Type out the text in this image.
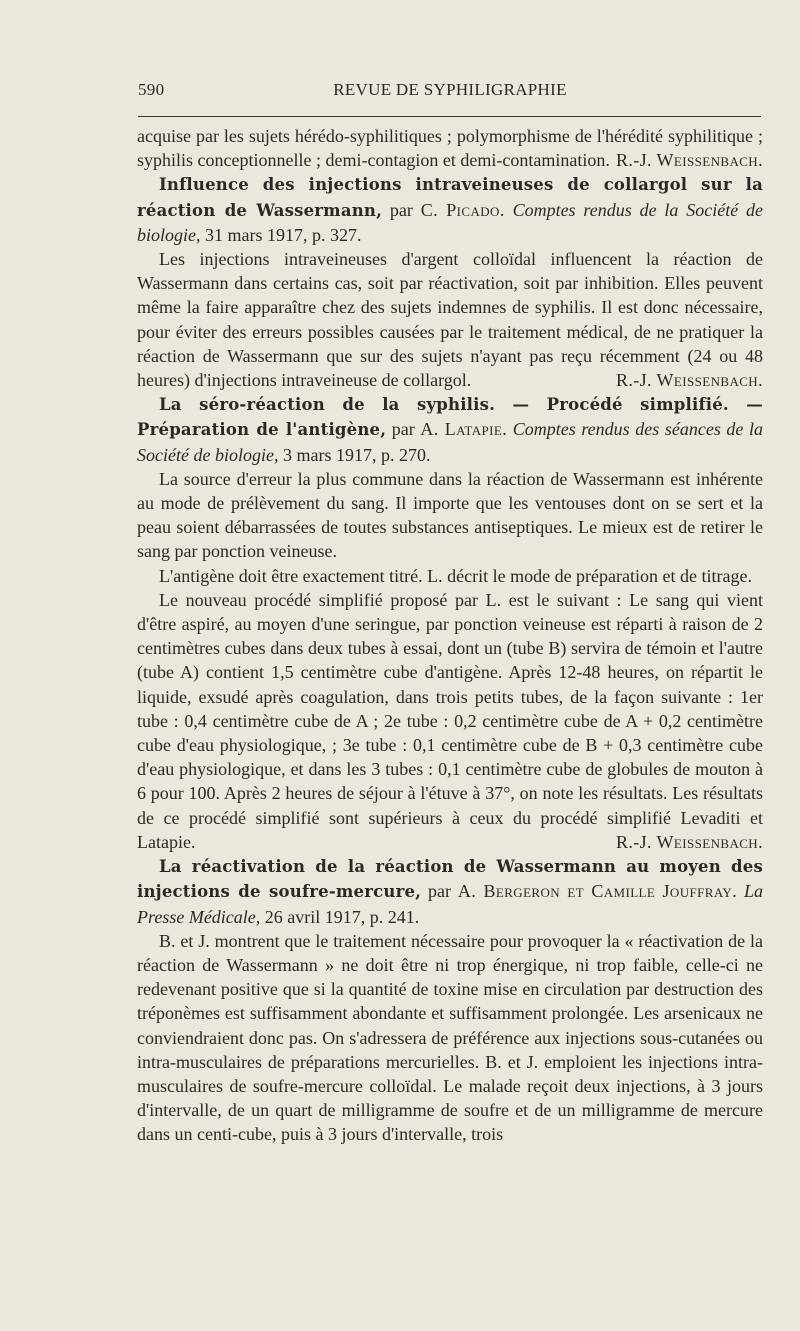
590	REVUE DE SYPHILIGRAPHIE

acquise par les sujets hérédo-syphilitiques ; polymorphisme de l'hérédité syphilitique ; syphilis conceptionnelle ; demi-contagion et demi-contamination. R.-J. Weissenbach.

Influence des injections intraveineuses de collargol sur la réaction de Wassermann, par C. Picado. Comptes rendus de la Société de biologie, 31 mars 1917, p. 327.

Les injections intraveineuses d'argent colloïdal influencent la réaction de Wassermann dans certains cas, soit par réactivation, soit par inhibition. Elles peuvent même la faire apparaître chez des sujets indemnes de syphilis. Il est donc nécessaire, pour éviter des erreurs possibles causées par le traitement médical, de ne pratiquer la réaction de Wassermann que sur des sujets n'ayant pas reçu récemment (24 ou 48 heures) d'injections intraveineuse de collargol.	R.-J. Weissenbach.

La séro-réaction de la syphilis. — Procédé simplifié. — Préparation de l'antigène, par A. Latapie. Comptes rendus des séances de la Société de biologie, 3 mars 1917, p. 270.

La source d'erreur la plus commune dans la réaction de Wassermann est inhérente au mode de prélèvement du sang. Il importe que les ventouses dont on se sert et la peau soient débarrassées de toutes substances antiseptiques. Le mieux est de retirer le sang par ponction veineuse.

L'antigène doit être exactement titré. L. décrit le mode de préparation et de titrage.

Le nouveau procédé simplifié proposé par L. est le suivant : Le sang qui vient d'être aspiré, au moyen d'une seringue, par ponction veineuse est réparti à raison de 2 centimètres cubes dans deux tubes à essai, dont un (tube B) servira de témoin et l'autre (tube A) contient 1,5 centimètre cube d'antigène. Après 12-48 heures, on répartit le liquide, exsudé après coagulation, dans trois petits tubes, de la façon suivante : 1er tube : 0,4 centimètre cube de A ; 2e tube : 0,2 centimètre cube de A + 0,2 centimètre cube d'eau physiologique, ; 3e tube : 0,1 centimètre cube de B + 0,3 centimètre cube d'eau physiologique, et dans les 3 tubes : 0,1 centimètre cube de globules de mouton à 6 pour 100. Après 2 heures de séjour à l'étuve à 37°, on note les résultats. Les résultats de ce procédé simplifié sont supérieurs à ceux du procédé simplifié Levaditi et Latapie.	R.-J. Weissenbach.

La réactivation de la réaction de Wassermann au moyen des injections de soufre-mercure, par A. Bergeron et Camille Jouffray. La Presse Médicale, 26 avril 1917, p. 241.

B. et J. montrent que le traitement nécessaire pour provoquer la « réactivation de la réaction de Wassermann » ne doit être ni trop énergique, ni trop faible, celle-ci ne redevenant positive que si la quantité de toxine mise en circulation par destruction des tréponèmes est suffisamment abondante et suffisamment prolongée. Les arsenicaux ne conviendraient donc pas. On s'adressera de préférence aux injections sous-cutanées ou intra-musculaires de préparations mercurielles. B. et J. emploient les injections intra-musculaires de soufre-mercure colloïdal. Le malade reçoit deux injections, à 3 jours d'intervalle, de un quart de milligramme de soufre et de un milligramme de mercure dans un centi-cube, puis à 3 jours d'intervalle, trois
